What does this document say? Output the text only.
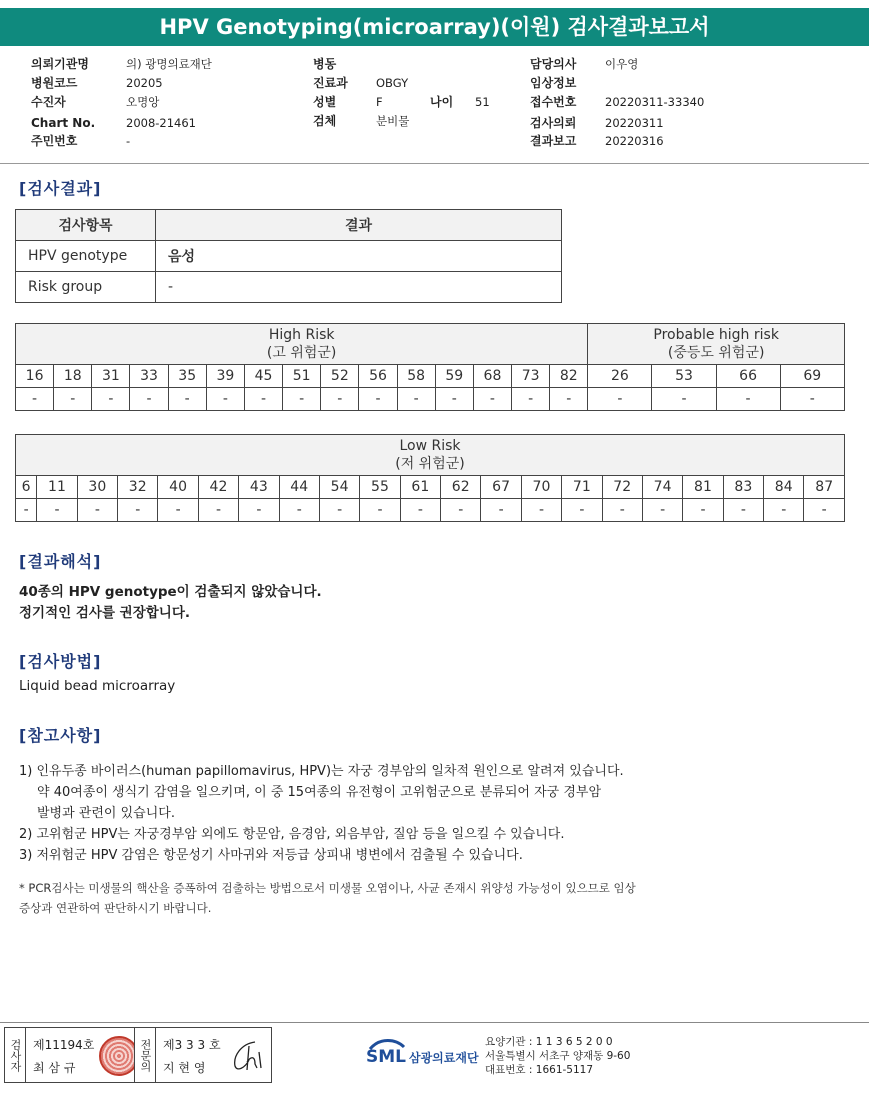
HPV Genotyping(microarray)(이원) 검사결과보고서
의뢰기관명	의) 광명의료재단
병원코드	20205
수진자	오명앙
Chart No.	2008-21461
주민번호	-
병동
진료과 OBGY
성별	F	나이 51
검체	분비물
담당의사 이우영
임상정보
접수번호 20220311-33340
검사의뢰 20220311
결과보고 20220316
[검사결과]
검사항목	결과
HPV genotype	음성
Risk group	-
High Risk
(고 위험군)															Probable high risk
(중등도 위험군)			
16	18	31	33	35	39	45	51	52	56	58	59	68	73	82	26	53	66	69
-	-	-	-	-	-	-	-	-	-	-	-	-	-	-	-	-	-	-
Low Risk
(저 위험군)																				
6	11	30	32	40	42	43	44	54	55	61	62	67	70	71	72	74	81	83	84	87
-	-	-	-	-	-	-	-	-	-	-	-	-	-	-	-	-	-	-	-	-
[결과해석]
40종의 HPV genotype이 검출되지 않았습니다.
정기적인 검사를 권장합니다.
[검사방법]
Liquid bead microarray
[참고사항]
1) 인유두종 바이러스(human papillomavirus, HPV)는 자궁 경부암의 일차적 원인으로 알려져 있습니다.
약 40여종이 생식기 감염을 일으키며, 이 중 15여종의 유전형이 고위험군으로 분류되어 자궁 경부암
발병과 관련이 있습니다.
2) 고위험군 HPV는 자궁경부암 외에도 항문암, 음경암, 외음부암, 질암 등을 일으킬 수 있습니다.
3) 저위험군 HPV 감염은 항문성기 사마귀와 저등급 상피내 병변에서 검출될 수 있습니다.
* PCR검사는 미생물의 핵산을 증폭하여 검출하는 방법으로서 미생물 오염이나, 사균 존재시 위양성 가능성이 있으므로 임상
증상과 연관하여 판단하시기 바랍니다.
검사자 제11194호
최 삼 규	전문의 제3 3 3 호
지 현 영
SML 삼광의료재단
요양기관 : 1 1 3 6 5 2 0 0
서울특별시 서초구 양재동 9-60
대표번호 : 1661-5117
